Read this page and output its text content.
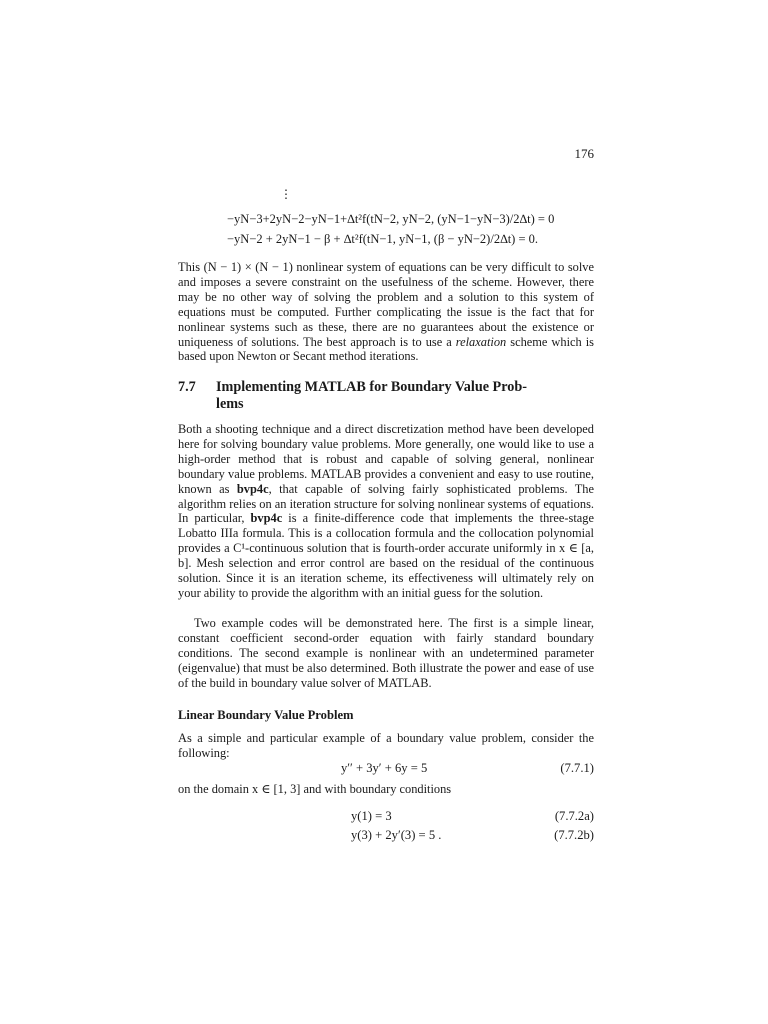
176
⋮
−yN−3+2yN−2−yN−1+∆t²f(tN−2, yN−2, (yN−1−yN−3)/2∆t) = 0
−yN−2 + 2yN−1 − β + ∆t²f(tN−1, yN−1, (β − yN−2)/2∆t) = 0.

This (N − 1) × (N − 1) nonlinear system of equations can be very difficult to solve and imposes a severe constraint on the usefulness of the scheme. However, there may be no other way of solving the problem and a solution to this system of equations must be computed. Further complicating the issue is the fact that for nonlinear systems such as these, there are no guarantees about the existence or uniqueness of solutions. The best approach is to use a relaxation scheme which is based upon Newton or Secant method iterations.

7.7 Implementing MATLAB for Boundary Value Prob-
lems

Both a shooting technique and a direct discretization method have been developed here for solving boundary value problems. More generally, one would like to use a high-order method that is robust and capable of solving general, nonlinear boundary value problems. MATLAB provides a convenient and easy to use routine, known as bvp4c, that capable of solving fairly sophisticated problems. The algorithm relies on an iteration structure for solving nonlinear systems of equations. In particular, bvp4c is a finite-difference code that implements the three-stage Lobatto IIIa formula. This is a collocation formula and the collocation polynomial provides a C¹-continuous solution that is fourth-order accurate uniformly in x ∈ [a, b]. Mesh selection and error control are based on the residual of the continuous solution. Since it is an iteration scheme, its effectiveness will ultimately rely on your ability to provide the algorithm with an initial guess for the solution.

Two example codes will be demonstrated here. The first is a simple linear, constant coefficient second-order equation with fairly standard boundary conditions. The second example is nonlinear with an undetermined parameter (eigenvalue) that must be also determined. Both illustrate the power and ease of use of the build in boundary value solver of MATLAB.

Linear Boundary Value Problem

As a simple and particular example of a boundary value problem, consider the following:

y′′ + 3y′ + 6y = 5	(7.7.1)

on the domain x ∈ [1, 3] and with boundary conditions

y(1) = 3	(7.7.2a)
y(3) + 2y′(3) = 5 .	(7.7.2b)
